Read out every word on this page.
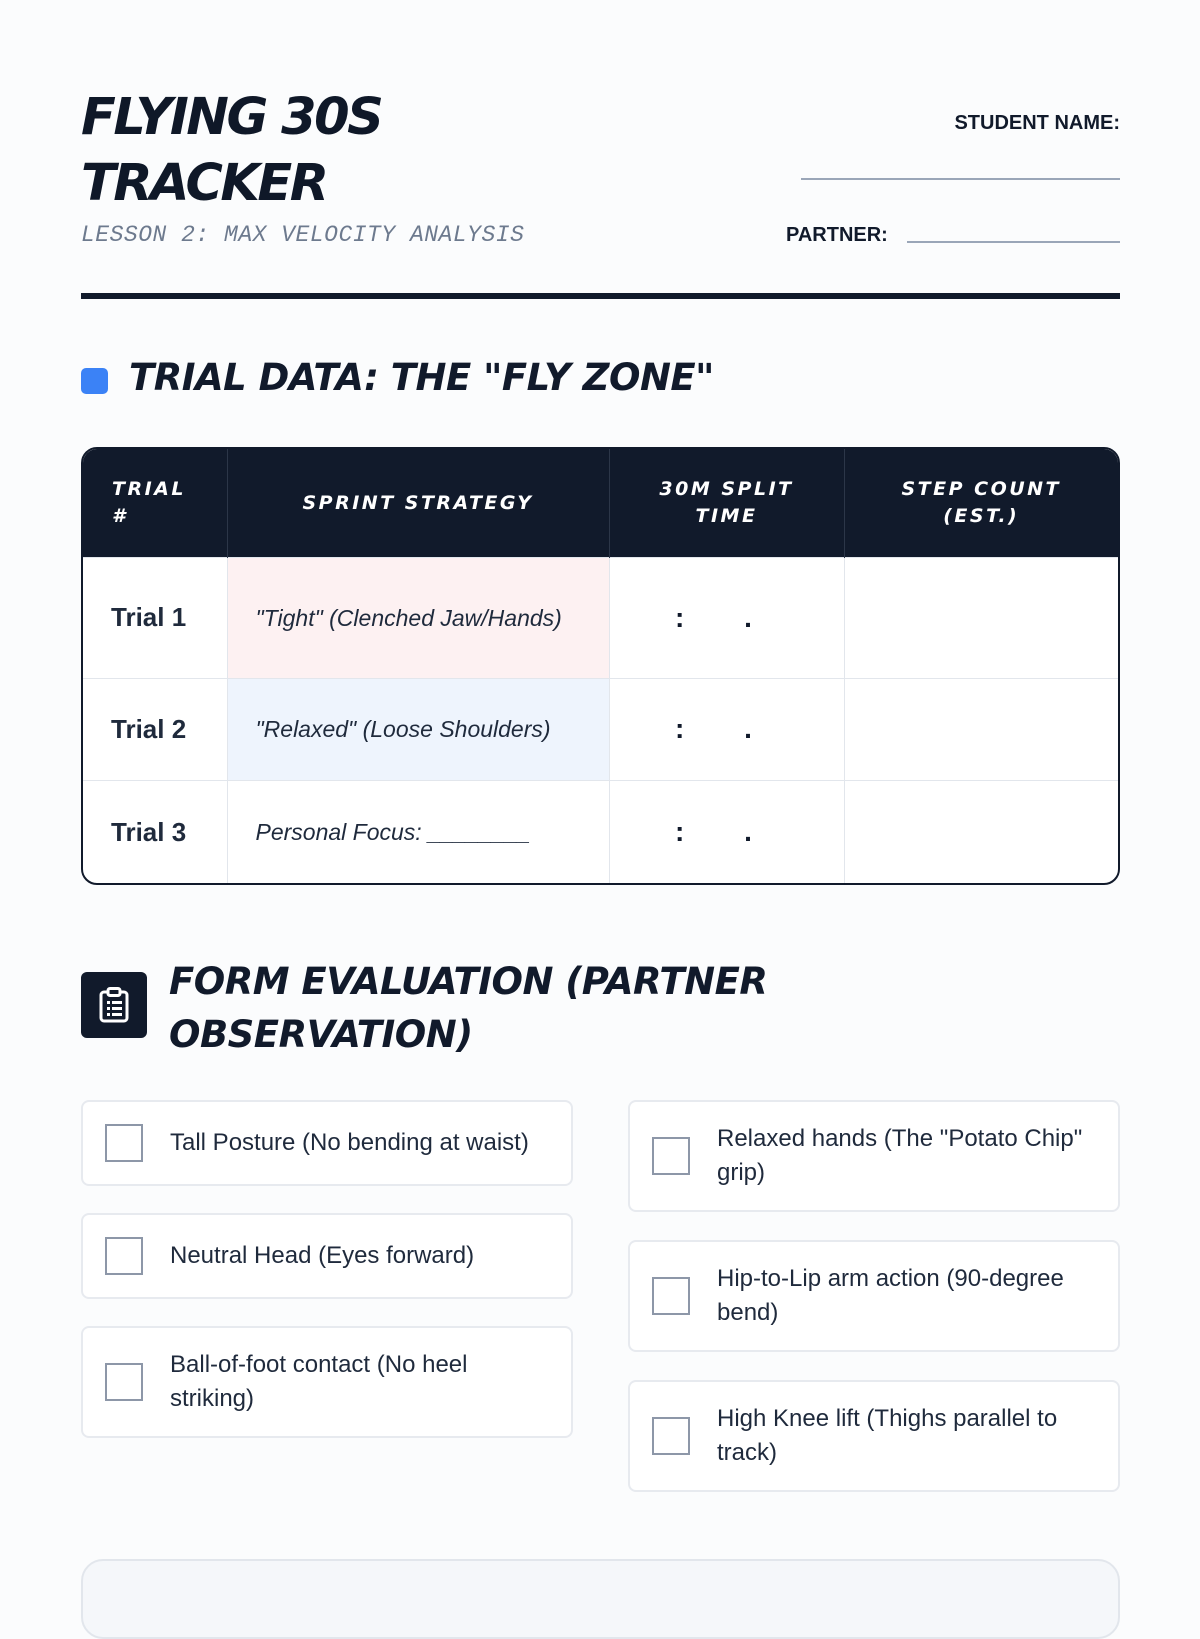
FLYING 30S
TRACKER
LESSON 2: MAX VELOCITY ANALYSIS
STUDENT NAME:
PARTNER:
TRIAL DATA: THE "FLY ZONE"
TRIAL #	SPRINT STRATEGY	30M SPLIT TIME	STEP COUNT (EST.)

Trial 1	"Tight" (Clenched Jaw/Hands)	: .	
Trial 2	"Relaxed" (Loose Shoulders)	: .	
Trial 3	Personal Focus: ________	: .	
FORM EVALUATION (PARTNER
OBSERVATION)
Tall Posture (No bending at waist)
Neutral Head (Eyes forward)
Ball-of-foot contact (No heel striking)
Relaxed hands (The "Potato Chip" grip)
Hip-to-Lip arm action (90-degree bend)
High Knee lift (Thighs parallel to track)
